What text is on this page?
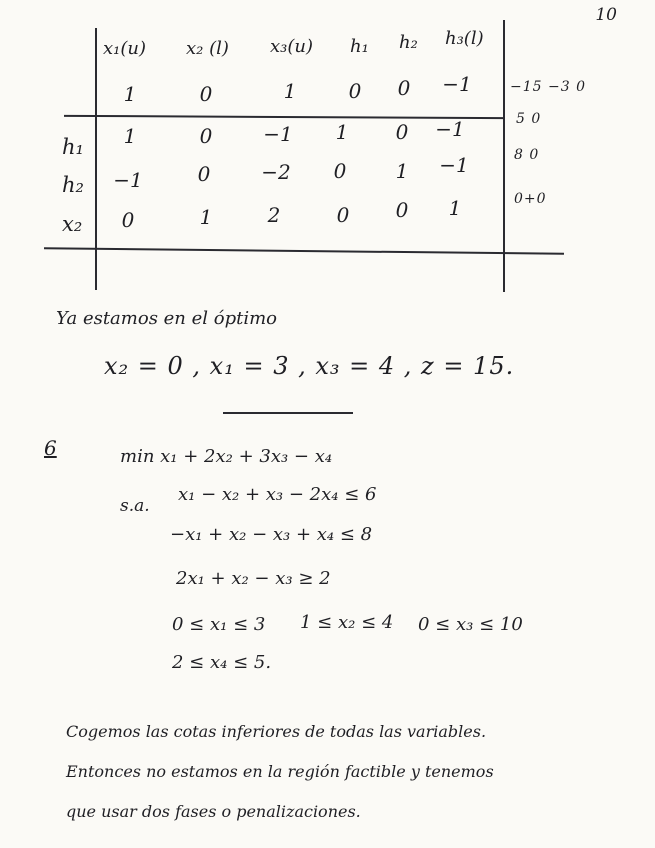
10
x₁(u) x₂ (l) x₃(u) h₁ h₂ h₃(l)
1	0	1	0	0	−1	−15 −3 0
h₁	1	0	−1	1	0	−1	5 0
h₂	−1	0	−2	0	1	−1	8 0
x₂	0	1	2	0	0	1	0+0
Ya estamos en el óptimo
x₂ = 0 , x₁ = 3 , x₃ = 4 , z = 15.
6	min x₁ + 2x₂ + 3x₃ − x₄
s.a.
x₁ − x₂ + x₃ − 2x₄ ≤ 6
−x₁ + x₂ − x₃ + x₄ ≤ 8
2x₁ + x₂ − x₃ ≥ 2
0 ≤ x₁ ≤ 3 1 ≤ x₂ ≤ 4 0 ≤ x₃ ≤ 10
2 ≤ x₄ ≤ 5.
Cogemos las cotas inferiores de todas las variables.
Entonces no estamos en la región factible y tenemos
que usar dos fases o penalizaciones.
